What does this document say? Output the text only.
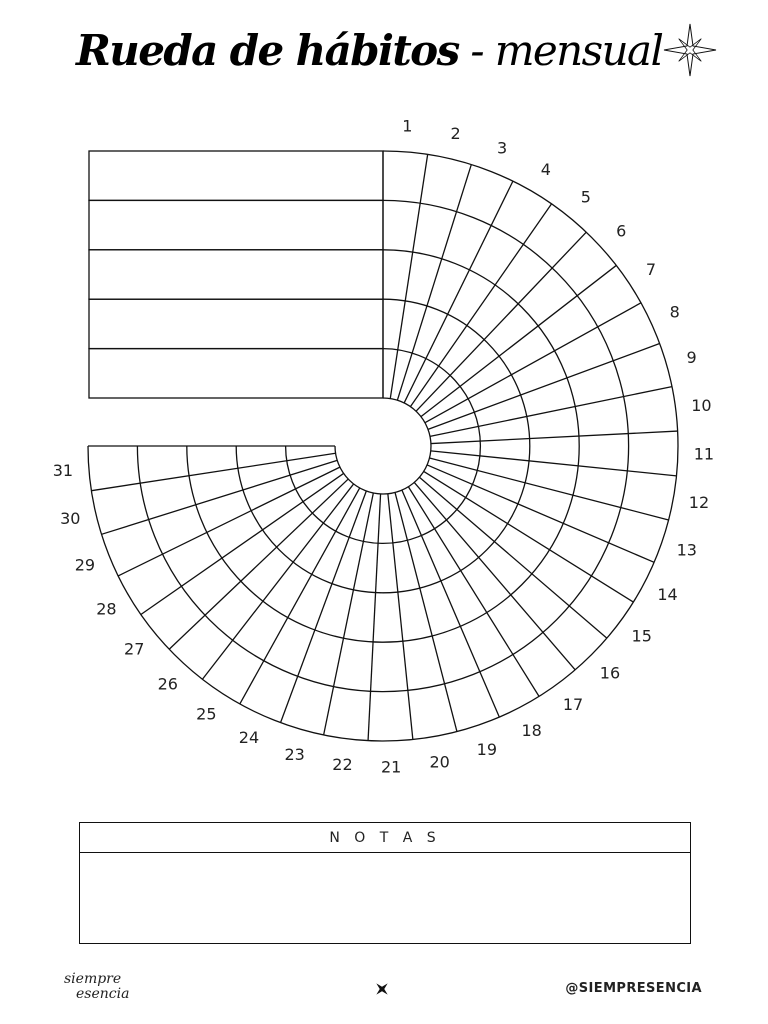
Rueda de hábitos - mensual
1 2
3
4
5
6
7
8
9
10
11
12
13
14
15
16
17
18
19
20
21
22
23
24
25
26
27
28
29
30
31
N O T A S
siempre
esencia	@SIEMPRESENCIA
